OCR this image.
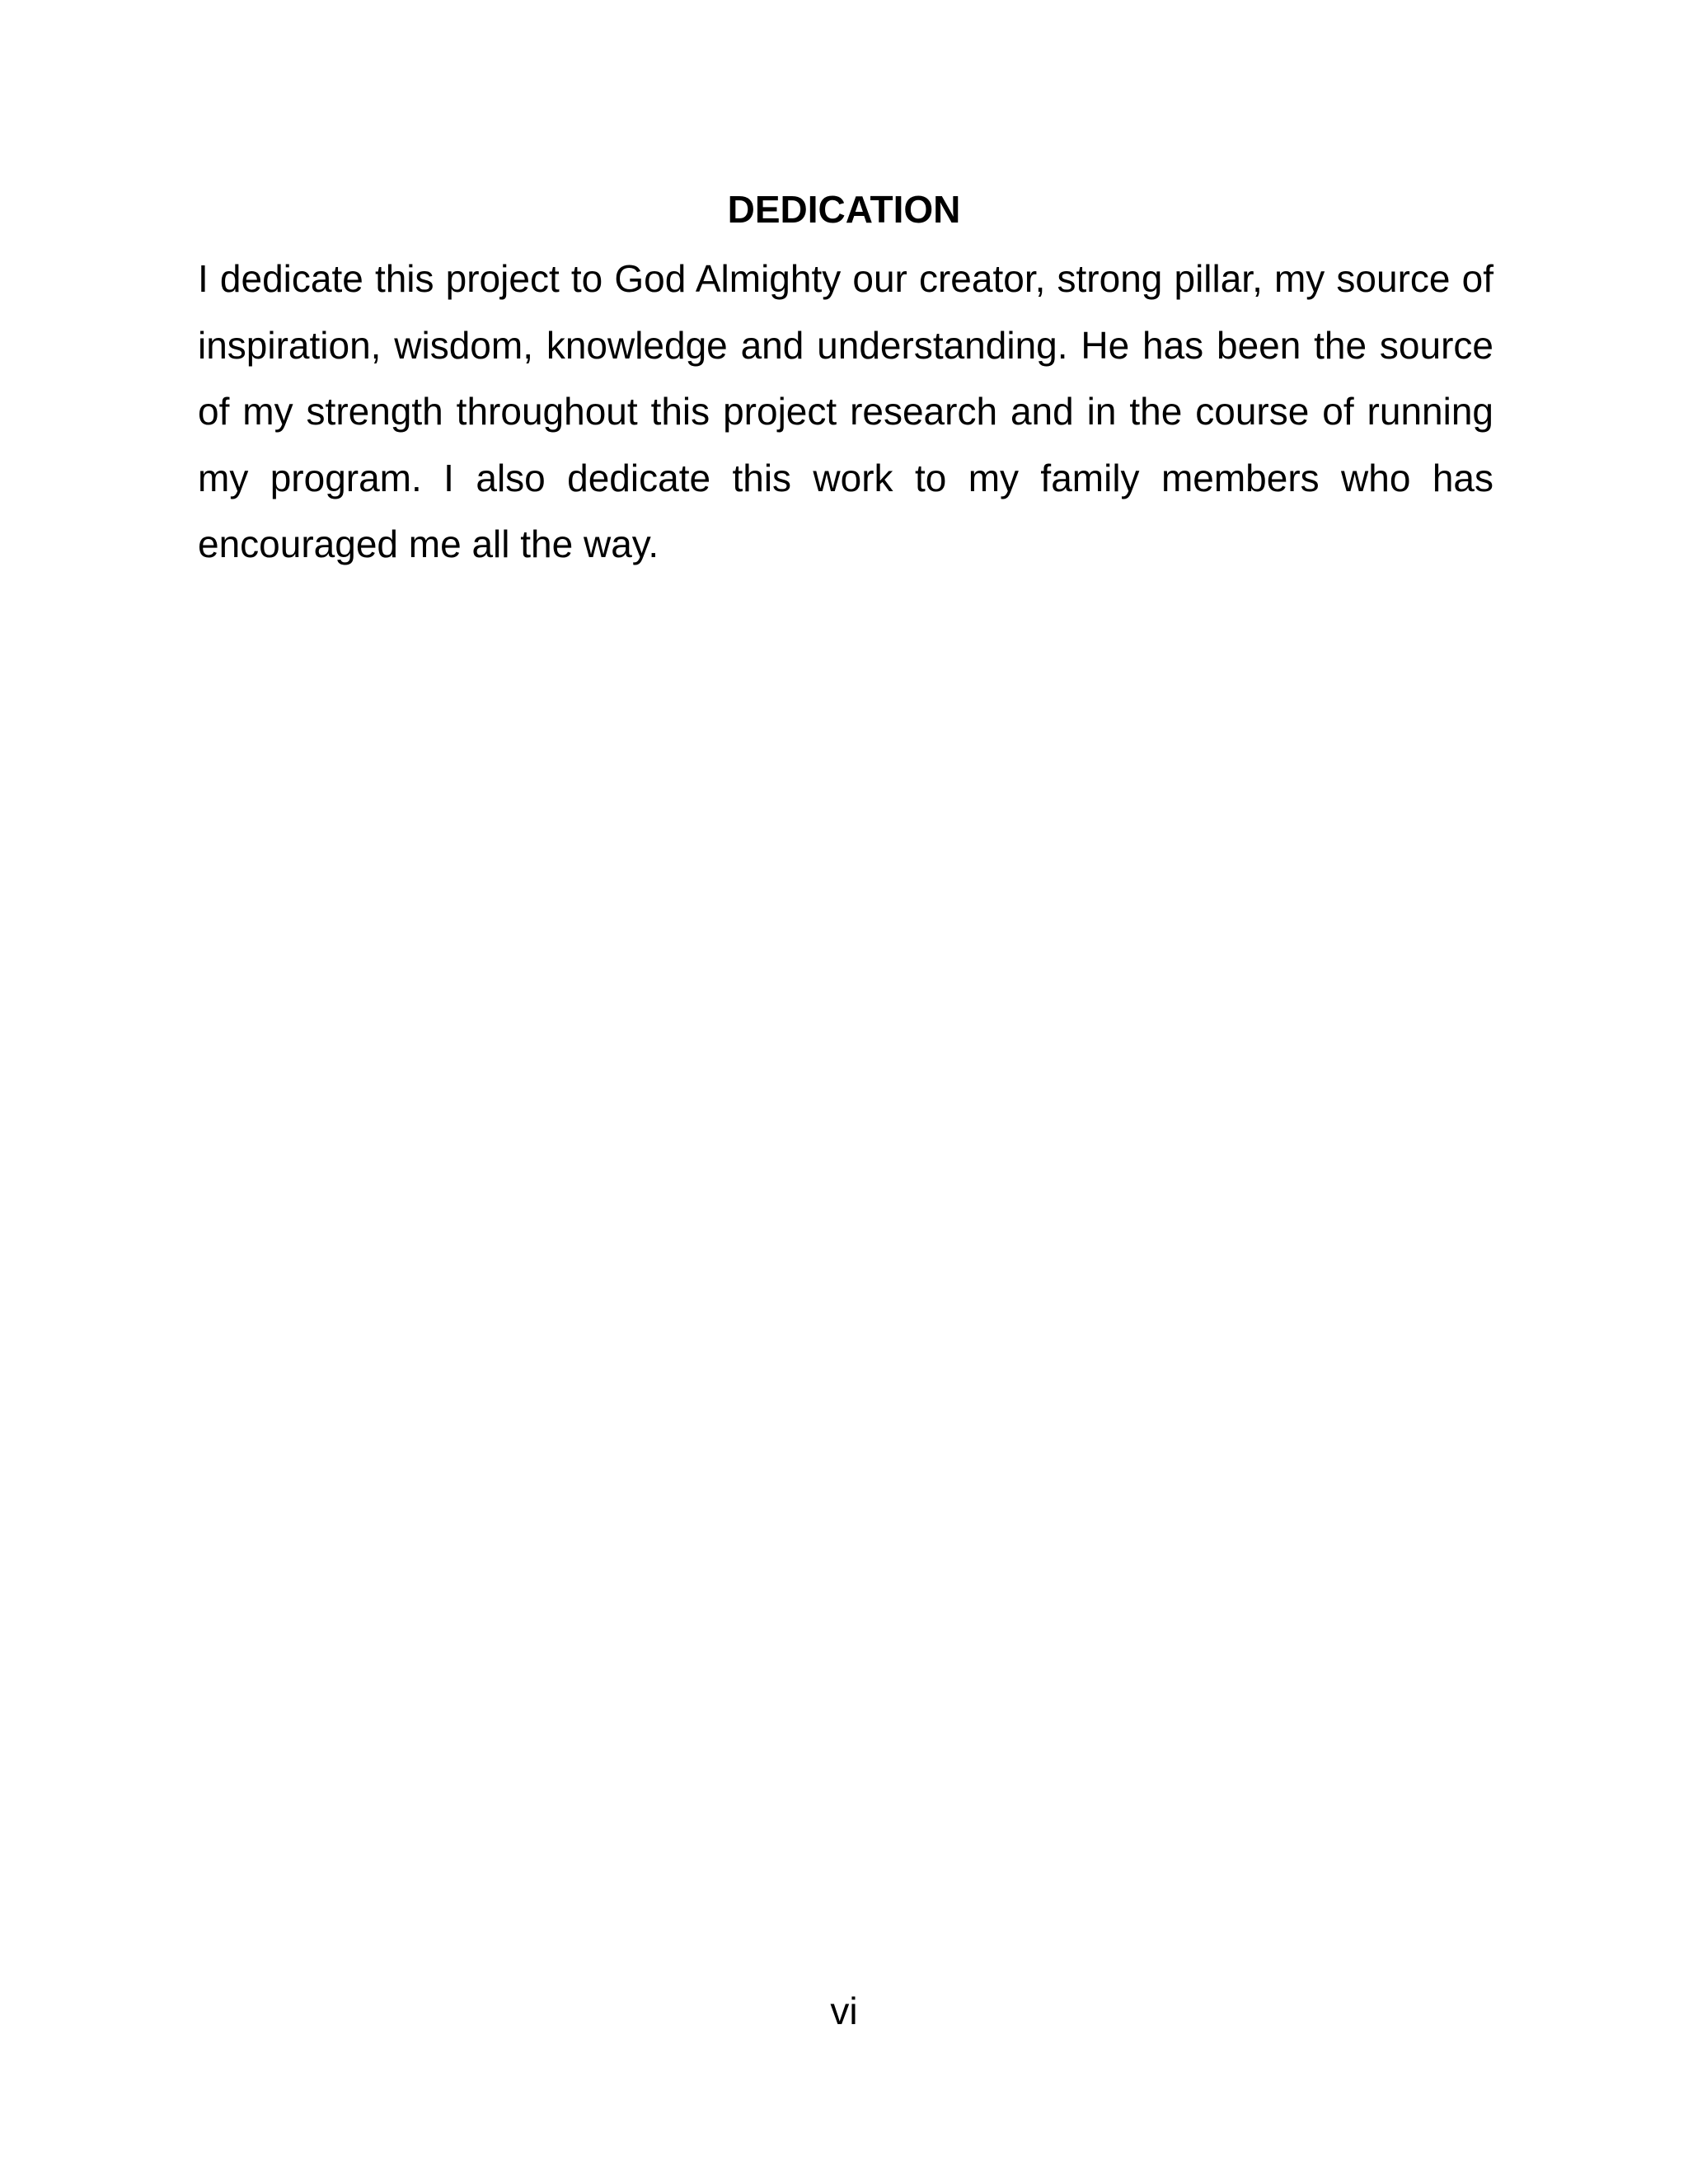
DEDICATION

I dedicate this project to God Almighty our creator, strong pillar, my source of inspiration, wisdom, knowledge and understanding. He has been the source of my strength throughout this project research and in the course of running my program. I also dedicate this work to my family members who has encouraged me all the way.

vi
